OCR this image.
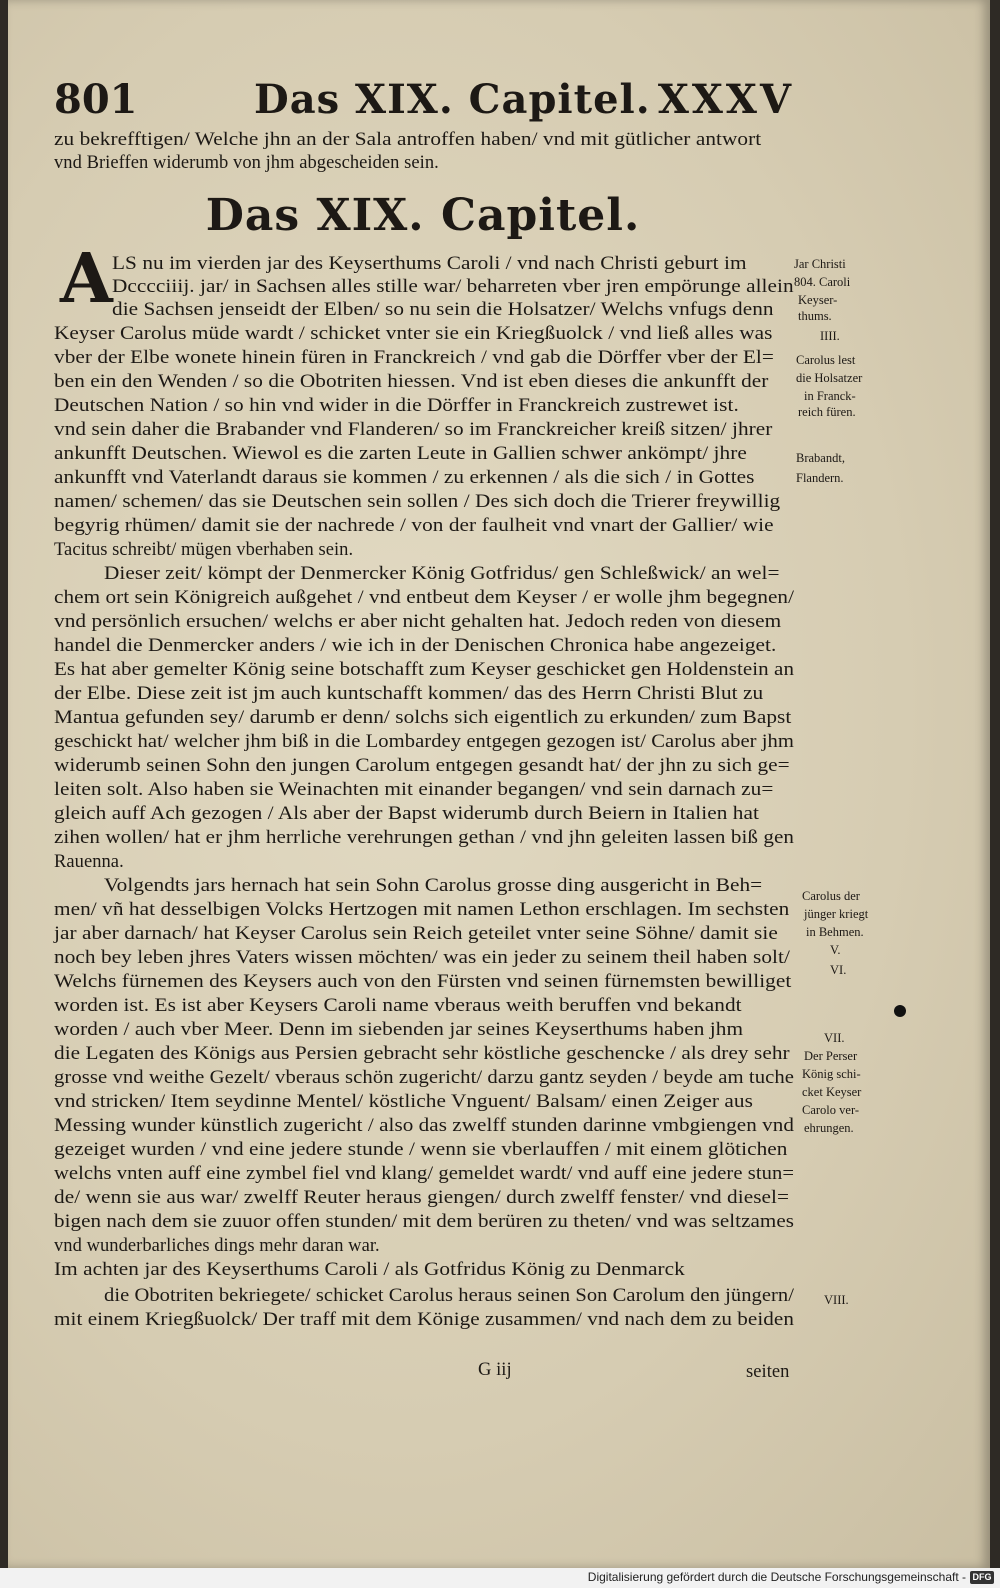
801	Das XIX. Capitel. XXXV
zu bekrefftigen/ Welche jhn an der Sala antroffen haben/ vnd mit gütlicher antwort
vnd Brieffen widerumb von jhm abgescheiden sein.
Das XIX. Capitel.
A LS nu im vierden jar des Keyserthums Caroli / vnd nach Christi geburt im
Dcccciiij. jar/ in Sachsen alles stille war/ beharreten vber jren empörunge allein
die Sachsen jenseidt der Elben/ so nu sein die Holsatzer/ Welchs vnfugs denn
Keyser Carolus müde wardt / schicket vnter sie ein Kriegßuolck / vnd ließ alles was
vber der Elbe wonete hinein füren in Franckreich / vnd gab die Dörffer vber der El=
ben ein den Wenden / so die Obotriten hiessen. Vnd ist eben dieses die ankunfft der
Deutschen Nation / so hin vnd wider in die Dörffer in Franckreich zustrewet ist.
vnd sein daher die Brabander vnd Flanderen/ so im Franckreicher kreiß sitzen/ jhrer
ankunfft Deutschen. Wiewol es die zarten Leute in Gallien schwer ankömpt/ jhre
ankunfft vnd Vaterlandt daraus sie kommen / zu erkennen / als die sich / in Gottes
namen/ schemen/ das sie Deutschen sein sollen / Des sich doch die Trierer freywillig
begyrig rhümen/ damit sie der nachrede / von der faulheit vnd vnart der Gallier/ wie
Tacitus schreibt/ mügen vberhaben sein.
Dieser zeit/ kömpt der Denmercker König Gotfridus/ gen Schleßwick/ an wel=
chem ort sein Königreich außgehet / vnd entbeut dem Keyser / er wolle jhm begegnen/
vnd persönlich ersuchen/ welchs er aber nicht gehalten hat. Jedoch reden von diesem
handel die Denmercker anders / wie ich in der Denischen Chronica habe angezeiget.
Es hat aber gemelter König seine botschafft zum Keyser geschicket gen Holdenstein an
der Elbe. Diese zeit ist jm auch kuntschafft kommen/ das des Herrn Christi Blut zu
Mantua gefunden sey/ darumb er denn/ solchs sich eigentlich zu erkunden/ zum Bapst
geschickt hat/ welcher jhm biß in die Lombardey entgegen gezogen ist/ Carolus aber jhm
widerumb seinen Sohn den jungen Carolum entgegen gesandt hat/ der jhn zu sich ge=
leiten solt. Also haben sie Weinachten mit einander begangen/ vnd sein darnach zu=
gleich auff Ach gezogen / Als aber der Bapst widerumb durch Beiern in Italien hat
zihen wollen/ hat er jhm herrliche verehrungen gethan / vnd jhn geleiten lassen biß gen
Rauenna.
Volgendts jars hernach hat sein Sohn Carolus grosse ding ausgericht in Beh=
men/ vñ hat desselbigen Volcks Hertzogen mit namen Lethon erschlagen. Im sechsten
jar aber darnach/ hat Keyser Carolus sein Reich geteilet vnter seine Söhne/ damit sie
noch bey leben jhres Vaters wissen möchten/ was ein jeder zu seinem theil haben solt/
Welchs fürnemen des Keysers auch von den Fürsten vnd seinen fürnemsten bewilliget
worden ist. Es ist aber Keysers Caroli name vberaus weith beruffen vnd bekandt
worden / auch vber Meer. Denn im siebenden jar seines Keyserthums haben jhm
die Legaten des Königs aus Persien gebracht sehr köstliche geschencke / als drey sehr
grosse vnd weithe Gezelt/ vberaus schön zugericht/ darzu gantz seyden / beyde am tuche
vnd stricken/ Item seydinne Mentel/ köstliche Vnguent/ Balsam/ einen Zeiger aus
Messing wunder künstlich zugericht / also das zwelff stunden darinne vmbgiengen vnd
gezeiget wurden / vnd eine jedere stunde / wenn sie vberlauffen / mit einem glötichen
welchs vnten auff eine zymbel fiel vnd klang/ gemeldet wardt/ vnd auff eine jedere stun=
de/ wenn sie aus war/ zwelff Reuter heraus giengen/ durch zwelff fenster/ vnd diesel=
bigen nach dem sie zuuor offen stunden/ mit dem berüren zu theten/ vnd was seltzames
vnd wunderbarliches dings mehr daran war.
Im achten jar des Keyserthums Caroli / als Gotfridus König zu Denmarck
die Obotriten bekriegete/ schicket Carolus heraus seinen Son Carolum den jüngern/
mit einem Kriegßuolck/ Der traff mit dem Könige zusammen/ vnd nach dem zu beiden
G iij	seiten
Jar Christi
804. Caroli
Keyser-
thums.
IIII.
Carolus lest
die Holsatzer
in Franck-
reich füren.
Brabandt,
Flandern.
Carolus der
jünger kriegt
in Behmen.
V.
VI.
VII.
Der Perser
König schi-
cket Keyser
Carolo ver-
ehrungen.
VIII.
Digitalisierung gefördert durch die Deutsche Forschungsgemeinschaft - DFG
